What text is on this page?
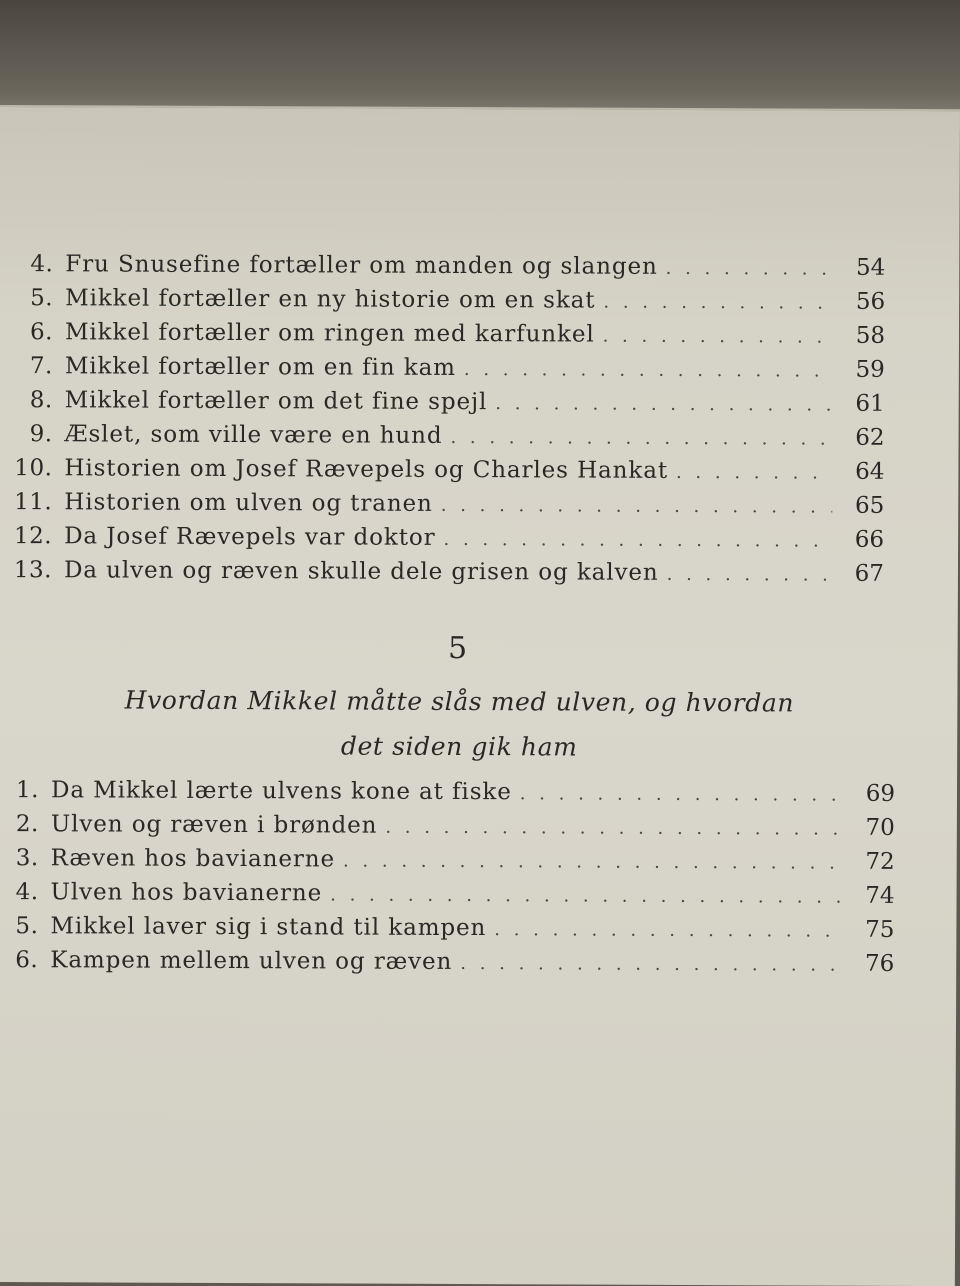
4. Fru Snusefine fortæller om manden og slangen . . .	54
5. Mikkel fortæller en ny historie om en skat . . .	56
6. Mikkel fortæller om ringen med karfunkel . . .	58
7. Mikkel fortæller om en fin kam . . .	59
8. Mikkel fortæller om det fine spejl . . .	61
9. Æslet, som ville være en hund . . .	62
10. Historien om Josef Rævepels og Charles Hankat . . .	64
11. Historien om ulven og tranen . . .	65
12. Da Josef Rævepels var doktor . . .	66
13. Da ulven og ræven skulle dele grisen og kalven . . .	67
5
Hvordan Mikkel måtte slås med ulven, og hvordan
det siden gik ham
1. Da Mikkel lærte ulvens kone at fiske . . .	69
2. Ulven og ræven i brønden . . .	70
3. Ræven hos bavianerne . . .	72
4. Ulven hos bavianerne . . .	74
5. Mikkel laver sig i stand til kampen . . .	75
6. Kampen mellem ulven og ræven . . .	76
